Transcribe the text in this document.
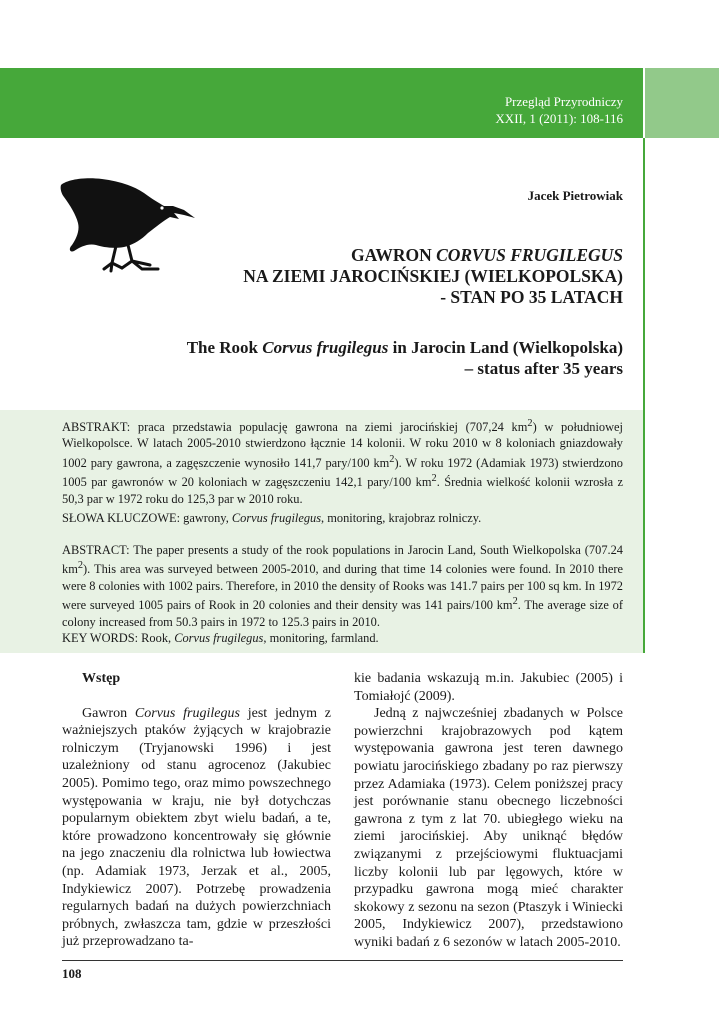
Przegląd Przyrodniczy
XXII, 1 (2011): 108-116
Jacek Pietrowiak
GAWRON CORVUS FRUGILEGUS
NA ZIEMI JAROCIŃSKIEJ (WIELKOPOLSKA)
- STAN PO 35 LATACH
The Rook Corvus frugilegus in Jarocin Land (Wielkopolska)
– status after 35 years

ABSTRAKT: praca przedstawia populację gawrona na ziemi jarocińskiej (707,24 $km^2$) w południowej Wielkopolsce. W latach 2005-2010 stwierdzono łącznie 14 kolonii. W roku 2010 w 8 koloniach gniazdowały 1002 pary gawrona, a zagęszczenie wynosiło 141,7 pary/100 $km^2$). W roku 1972 (Adamiak 1973) stwierdzono 1005 par gawronów w 20 koloniach w zagęszczeniu 142,1 pary/100 $km^2$. Średnia wielkość kolonii wzrosła z 50,3 par w 1972 roku do 125,3 par w 2010 roku.

SŁOWA KLUCZOWE: gawrony, Corvus frugilegus, monitoring, krajobraz rolniczy.

ABSTRACT: The paper presents a study of the rook populations in Jarocin Land, South Wielkopolska (707.24 $km^2$). This area was surveyed between 2005-2010, and during that time 14 colonies were found. In 2010 there were 8 colonies with 1002 pairs. Therefore, in 2010 the density of Rooks was 141.7 pairs per 100 sq km. In 1972 were surveyed 1005 pairs of Rook in 20 colonies and their density was 141 pairs/100 $km^2$. The average size of colony increased from 50.3 pairs in 1972 to 125.3 pairs in 2010.

KEY WORDS: Rook, Corvus frugilegus, monitoring, farmland.

Wstęp

Gawron Corvus frugilegus jest jednym z ważniejszych ptaków żyjących w krajobrazie rolniczym (Tryjanowski 1996) i jest uzależniony od stanu agrocenoz (Jakubiec 2005). Pomimo tego, oraz mimo powszechnego występowania w kraju, nie był dotychczas popularnym obiektem zbyt wielu badań, a te, które prowadzono koncentrowały się głównie na jego znaczeniu dla rolnictwa lub łowiectwa (np. Adamiak 1973, Jerzak et al., 2005, Indykiewicz 2007). Potrzebę prowadzenia regularnych badań na dużych powierzchniach próbnych, zwłaszcza tam, gdzie w przeszłości już przeprowadzano ta-

kie badania wskazują m.in. Jakubiec (2005) i Tomiałojć (2009).

Jedną z najwcześniej zbadanych w Polsce powierzchni krajobrazowych pod kątem występowania gawrona jest teren dawnego powiatu jarocińskiego zbadany po raz pierwszy przez Adamiaka (1973). Celem poniższej pracy jest porównanie stanu obecnego liczebności gawrona z tym z lat 70. ubiegłego wieku na ziemi jarocińskiej. Aby uniknąć błędów związanymi z przejściowymi fluktuacjami liczby kolonii lub par lęgowych, które w przypadku gawrona mogą mieć charakter skokowy z sezonu na sezon (Ptaszyk i Winiecki 2005, Indykiewicz 2007), przedstawiono wyniki badań z 6 sezonów w latach 2005-2010.

108
